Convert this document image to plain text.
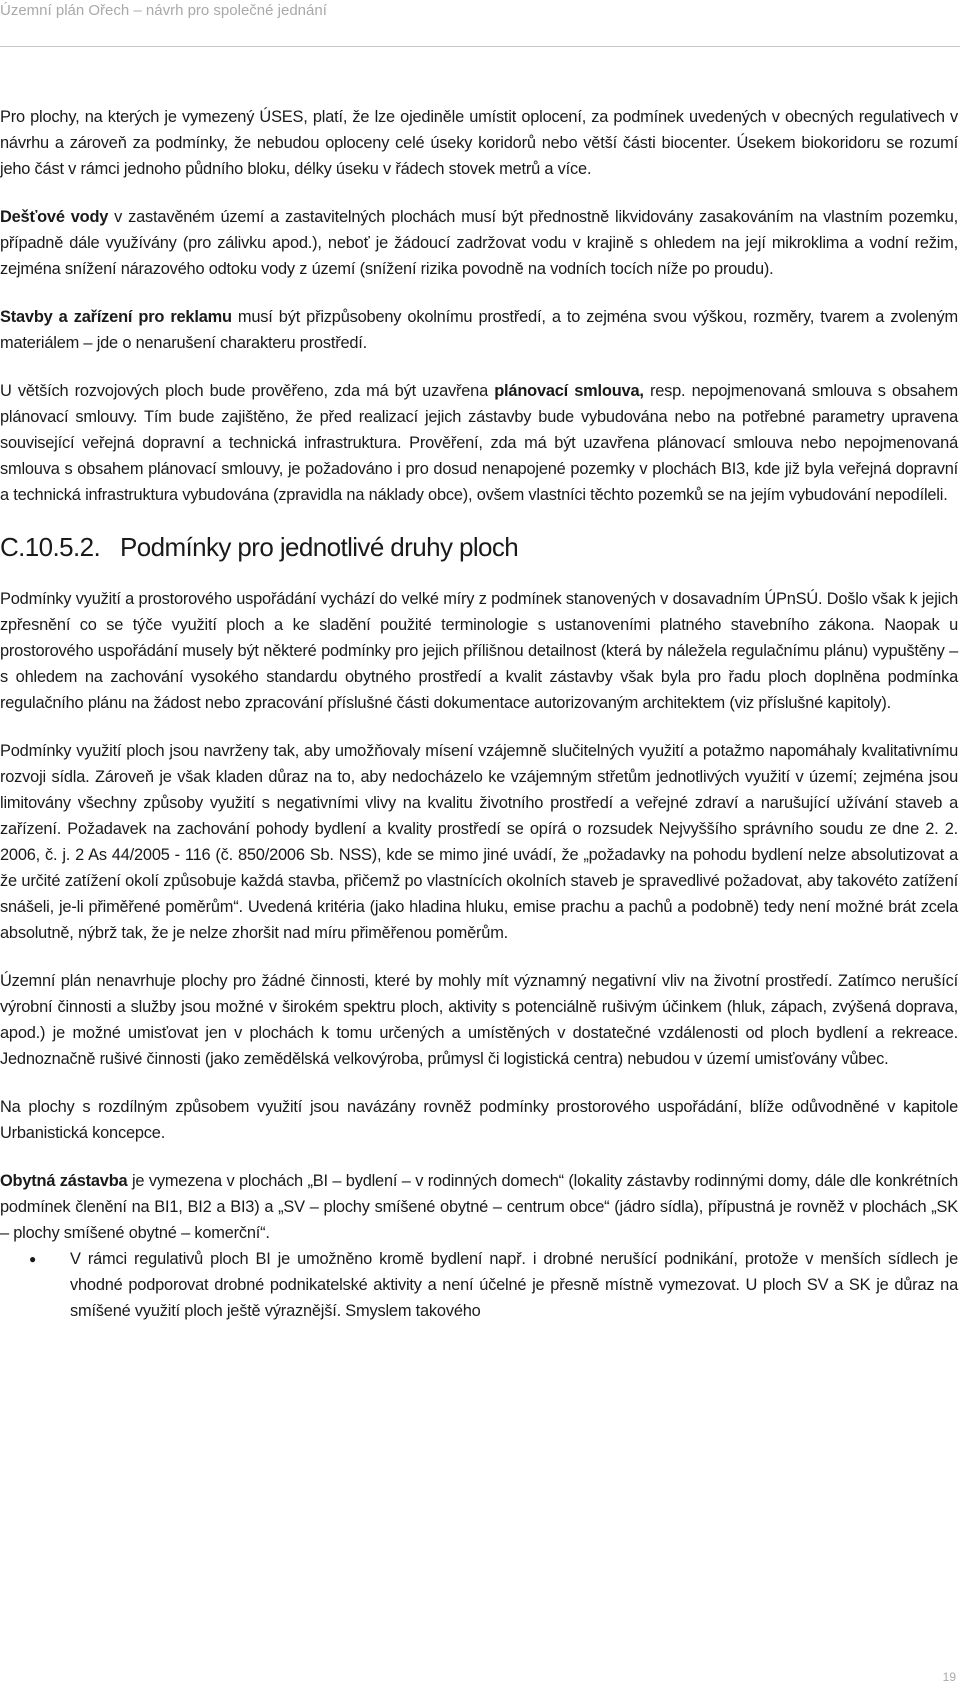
Územní plán Ořech – návrh pro společné jednání

Pro plochy, na kterých je vymezený ÚSES, platí, že lze ojediněle umístit oplocení, za podmínek uvedených v obecných regulativech v návrhu a zároveň za podmínky, že nebudou oploceny celé úseky koridorů nebo větší části biocenter. Úsekem biokoridoru se rozumí jeho část v rámci jednoho půdního bloku, délky úseku v řádech stovek metrů a více.

Dešťové vody v zastavěném území a zastavitelných plochách musí být přednostně likvidovány zasakováním na vlastním pozemku, případně dále využívány (pro zálivku apod.), neboť je žádoucí zadržovat vodu v krajině s ohledem na její mikroklima a vodní režim, zejména snížení nárazového odtoku vody z území (snížení rizika povodně na vodních tocích níže po proudu).

Stavby a zařízení pro reklamu musí být přizpůsobeny okolnímu prostředí, a to zejména svou výškou, rozměry, tvarem a zvoleným materiálem – jde o nenarušení charakteru prostředí.

U větších rozvojových ploch bude prověřeno, zda má být uzavřena plánovací smlouva, resp. nepojmenovaná smlouva s obsahem plánovací smlouvy. Tím bude zajištěno, že před realizací jejich zástavby bude vybudována nebo na potřebné parametry upravena související veřejná dopravní a technická infrastruktura. Prověření, zda má být uzavřena plánovací smlouva nebo nepojmenovaná smlouva s obsahem plánovací smlouvy, je požadováno i pro dosud nenapojené pozemky v plochách BI3, kde již byla veřejná dopravní a technická infrastruktura vybudována (zpravidla na náklady obce), ovšem vlastníci těchto pozemků se na jejím vybudování nepodíleli.

C.10.5.2. Podmínky pro jednotlivé druhy ploch

Podmínky využití a prostorového uspořádání vychází do velké míry z podmínek stanovených v dosavadním ÚPnSÚ. Došlo však k jejich zpřesnění co se týče využití ploch a ke sladění použité terminologie s ustanoveními platného stavebního zákona. Naopak u prostorového uspořádání musely být některé podmínky pro jejich přílišnou detailnost (která by náležela regulačnímu plánu) vypuštěny – s ohledem na zachování vysokého standardu obytného prostředí a kvalit zástavby však byla pro řadu ploch doplněna podmínka regulačního plánu na žádost nebo zpracování příslušné části dokumentace autorizovaným architektem (viz příslušné kapitoly).

Podmínky využití ploch jsou navrženy tak, aby umožňovaly mísení vzájemně slučitelných využití a potažmo napomáhaly kvalitativnímu rozvoji sídla. Zároveň je však kladen důraz na to, aby nedocházelo ke vzájemným střetům jednotlivých využití v území; zejména jsou limitovány všechny způsoby využití s negativními vlivy na kvalitu životního prostředí a veřejné zdraví a narušující užívání staveb a zařízení. Požadavek na zachování pohody bydlení a kvality prostředí se opírá o rozsudek Nejvyššího správního soudu ze dne 2. 2. 2006, č. j. 2 As 44/2005 - 116 (č. 850/2006 Sb. NSS), kde se mimo jiné uvádí, že „požadavky na pohodu bydlení nelze absolutizovat a že určité zatížení okolí způsobuje každá stavba, přičemž po vlastnících okolních staveb je spravedlivé požadovat, aby takovéto zatížení snášeli, je-li přiměřené poměrům“. Uvedená kritéria (jako hladina hluku, emise prachu a pachů a podobně) tedy není možné brát zcela absolutně, nýbrž tak, že je nelze zhoršit nad míru přiměřenou poměrům.

Územní plán nenavrhuje plochy pro žádné činnosti, které by mohly mít významný negativní vliv na životní prostředí. Zatímco nerušící výrobní činnosti a služby jsou možné v širokém spektru ploch, aktivity s potenciálně rušivým účinkem (hluk, zápach, zvýšená doprava, apod.) je možné umisťovat jen v plochách k tomu určených a umístěných v dostatečné vzdálenosti od ploch bydlení a rekreace. Jednoznačně rušivé činnosti (jako zemědělská velkovýroba, průmysl či logistická centra) nebudou v území umisťovány vůbec.

Na plochy s rozdílným způsobem využití jsou navázány rovněž podmínky prostorového uspořádání, blíže odůvodněné v kapitole Urbanistická koncepce.

Obytná zástavba je vymezena v plochách „BI – bydlení – v rodinných domech“ (lokality zástavby rodinnými domy, dále dle konkrétních podmínek členění na BI1, BI2 a BI3) a „SV – plochy smíšené obytné – centrum obce“ (jádro sídla), přípustná je rovněž v plochách „SK – plochy smíšené obytné – komerční“.

● V rámci regulativů ploch BI je umožněno kromě bydlení např. i drobné nerušící podnikání, protože v menších sídlech je vhodné podporovat drobné podnikatelské aktivity a není účelné je přesně místně vymezovat. U ploch SV a SK je důraz na smíšené využití ploch ještě výraznější. Smyslem takového
19
